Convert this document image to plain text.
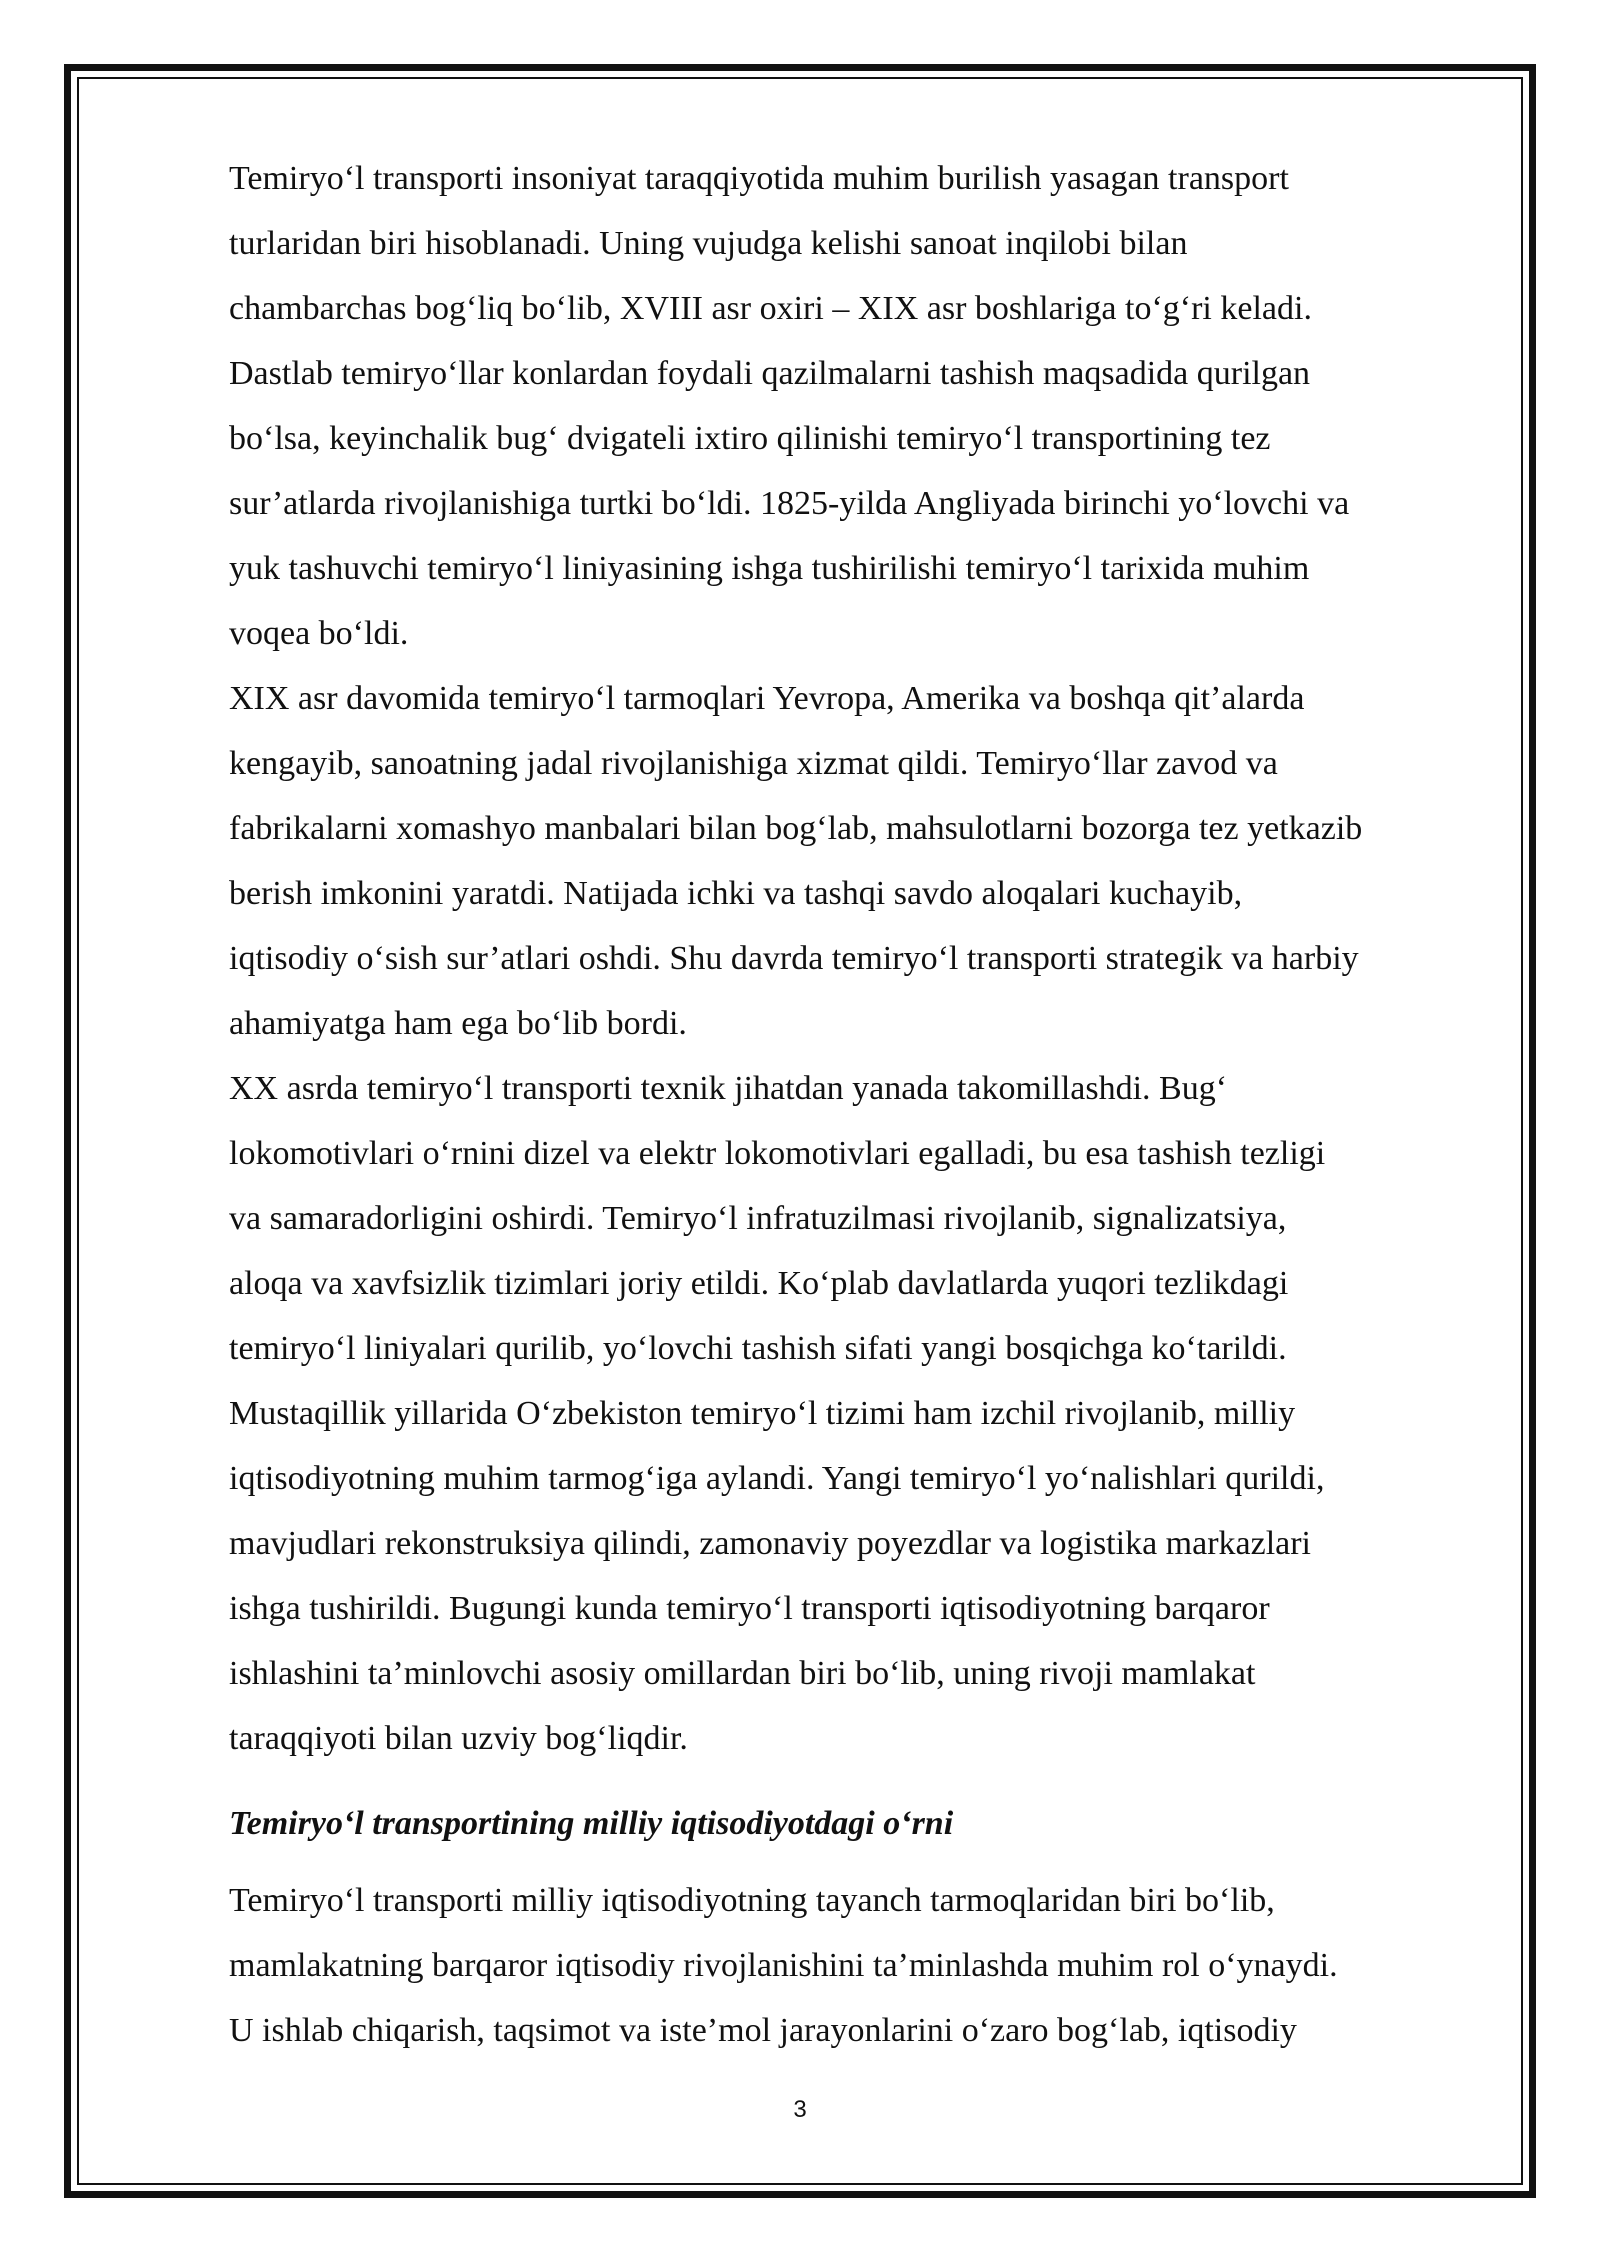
Temiryo‘l transporti insoniyat taraqqiyotida muhim burilish yasagan transport
turlaridan biri hisoblanadi. Uning vujudga kelishi sanoat inqilobi bilan
chambarchas bog‘liq bo‘lib, XVIII asr oxiri – XIX asr boshlariga to‘g‘ri keladi.
Dastlab temiryo‘llar konlardan foydali qazilmalarni tashish maqsadida qurilgan
bo‘lsa, keyinchalik bug‘ dvigateli ixtiro qilinishi temiryo‘l transportining tez
sur’atlarda rivojlanishiga turtki bo‘ldi. 1825-yilda Angliyada birinchi yo‘lovchi va
yuk tashuvchi temiryo‘l liniyasining ishga tushirilishi temiryo‘l tarixida muhim
voqea bo‘ldi.

XIX asr davomida temiryo‘l tarmoqlari Yevropa, Amerika va boshqa qit’alarda
kengayib, sanoatning jadal rivojlanishiga xizmat qildi. Temiryo‘llar zavod va
fabrikalarni xomashyo manbalari bilan bog‘lab, mahsulotlarni bozorga tez yetkazib
berish imkonini yaratdi. Natijada ichki va tashqi savdo aloqalari kuchayib,
iqtisodiy o‘sish sur’atlari oshdi. Shu davrda temiryo‘l transporti strategik va harbiy
ahamiyatga ham ega bo‘lib bordi.

XX asrda temiryo‘l transporti texnik jihatdan yanada takomillashdi. Bug‘
lokomotivlari o‘rnini dizel va elektr lokomotivlari egalladi, bu esa tashish tezligi
va samaradorligini oshirdi. Temiryo‘l infratuzilmasi rivojlanib, signalizatsiya,
aloqa va xavfsizlik tizimlari joriy etildi. Ko‘plab davlatlarda yuqori tezlikdagi
temiryo‘l liniyalari qurilib, yo‘lovchi tashish sifati yangi bosqichga ko‘tarildi.

Mustaqillik yillarida O‘zbekiston temiryo‘l tizimi ham izchil rivojlanib, milliy
iqtisodiyotning muhim tarmog‘iga aylandi. Yangi temiryo‘l yo‘nalishlari qurildi,
mavjudlari rekonstruksiya qilindi, zamonaviy poyezdlar va logistika markazlari
ishga tushirildi. Bugungi kunda temiryo‘l transporti iqtisodiyotning barqaror
ishlashini ta’minlovchi asosiy omillardan biri bo‘lib, uning rivoji mamlakat
taraqqiyoti bilan uzviy bog‘liqdir.

Temiryo‘l transportining milliy iqtisodiyotdagi o‘rni

Temiryo‘l transporti milliy iqtisodiyotning tayanch tarmoqlaridan biri bo‘lib,
mamlakatning barqaror iqtisodiy rivojlanishini ta’minlashda muhim rol o‘ynaydi.
U ishlab chiqarish, taqsimot va iste’mol jarayonlarini o‘zaro bog‘lab, iqtisodiy

3
